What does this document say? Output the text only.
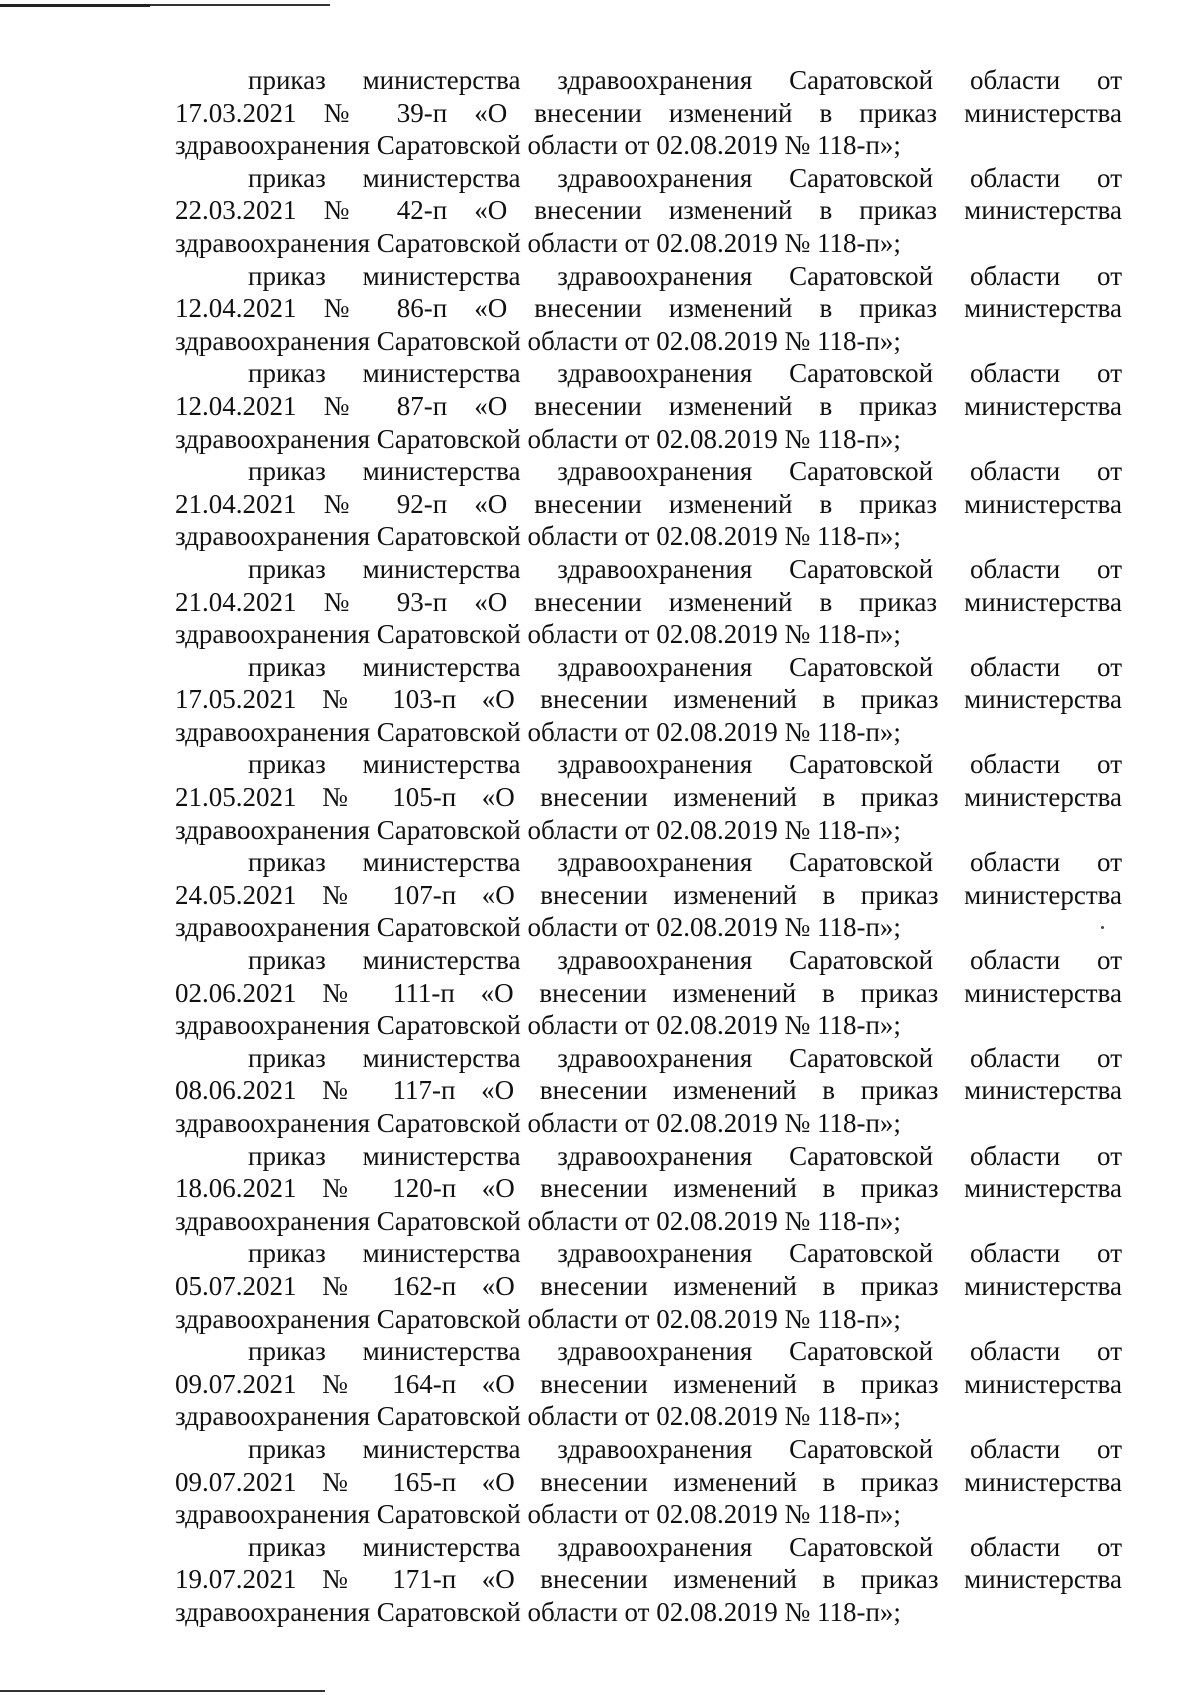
приказ министерства здравоохранения Саратовской области от
17.03.2021 № 39-п «О внесении изменений в приказ министерства
здравоохранения Саратовской области от 02.08.2019 № 118-п»;
приказ министерства здравоохранения Саратовской области от
22.03.2021 № 42-п «О внесении изменений в приказ министерства
здравоохранения Саратовской области от 02.08.2019 № 118-п»;
приказ министерства здравоохранения Саратовской области от
12.04.2021 № 86-п «О внесении изменений в приказ министерства
здравоохранения Саратовской области от 02.08.2019 № 118-п»;
приказ министерства здравоохранения Саратовской области от
12.04.2021 № 87-п «О внесении изменений в приказ министерства
здравоохранения Саратовской области от 02.08.2019 № 118-п»;
приказ министерства здравоохранения Саратовской области от
21.04.2021 № 92-п «О внесении изменений в приказ министерства
здравоохранения Саратовской области от 02.08.2019 № 118-п»;
приказ министерства здравоохранения Саратовской области от
21.04.2021 № 93-п «О внесении изменений в приказ министерства
здравоохранения Саратовской области от 02.08.2019 № 118-п»;
приказ министерства здравоохранения Саратовской области от
17.05.2021 № 103-п «О внесении изменений в приказ министерства
здравоохранения Саратовской области от 02.08.2019 № 118-п»;
приказ министерства здравоохранения Саратовской области от
21.05.2021 № 105-п «О внесении изменений в приказ министерства
здравоохранения Саратовской области от 02.08.2019 № 118-п»;
приказ министерства здравоохранения Саратовской области от
24.05.2021 № 107-п «О внесении изменений в приказ министерства
здравоохранения Саратовской области от 02.08.2019 № 118-п»;
приказ министерства здравоохранения Саратовской области от
02.06.2021 № 111-п «О внесении изменений в приказ министерства
здравоохранения Саратовской области от 02.08.2019 № 118-п»;
приказ министерства здравоохранения Саратовской области от
08.06.2021 № 117-п «О внесении изменений в приказ министерства
здравоохранения Саратовской области от 02.08.2019 № 118-п»;
приказ министерства здравоохранения Саратовской области от
18.06.2021 № 120-п «О внесении изменений в приказ министерства
здравоохранения Саратовской области от 02.08.2019 № 118-п»;
приказ министерства здравоохранения Саратовской области от
05.07.2021 № 162-п «О внесении изменений в приказ министерства
здравоохранения Саратовской области от 02.08.2019 № 118-п»;
приказ министерства здравоохранения Саратовской области от
09.07.2021 № 164-п «О внесении изменений в приказ министерства
здравоохранения Саратовской области от 02.08.2019 № 118-п»;
приказ министерства здравоохранения Саратовской области от
09.07.2021 № 165-п «О внесении изменений в приказ министерства
здравоохранения Саратовской области от 02.08.2019 № 118-п»;
приказ министерства здравоохранения Саратовской области от
19.07.2021 № 171-п «О внесении изменений в приказ министерства
здравоохранения Саратовской области от 02.08.2019 № 118-п»;
